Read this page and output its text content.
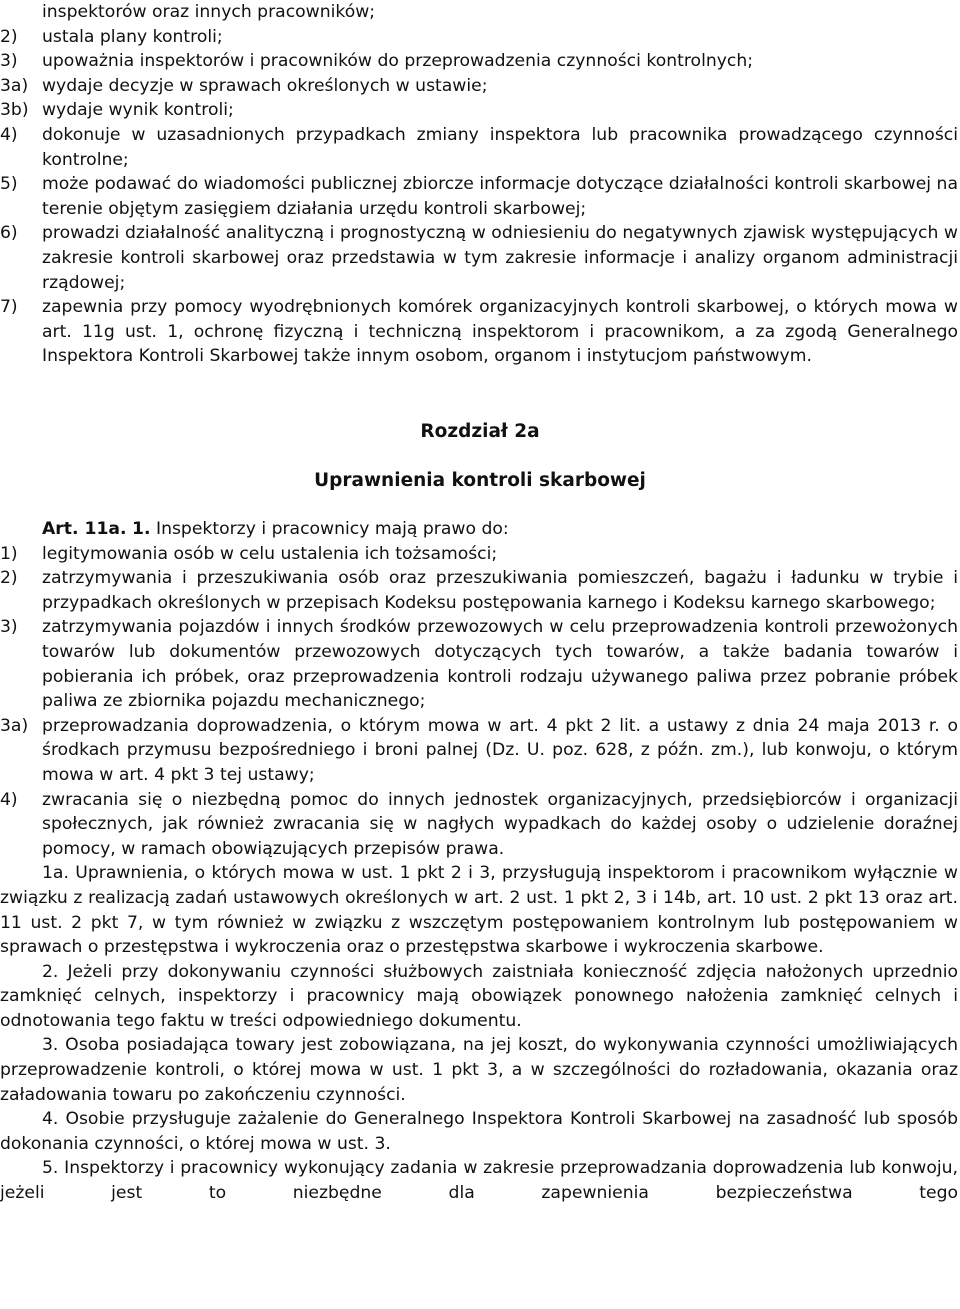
inspektorów oraz innych pracowników;
2)	ustala plany kontroli;
3)	upoważnia inspektorów i pracowników do przeprowadzenia czynności kontrolnych;
3a) wydaje decyzje w sprawach określonych w ustawie;
3b) wydaje wynik kontroli;
4)	dokonuje w uzasadnionych przypadkach zmiany inspektora lub pracownika prowadzącego czynności kontrolne;
5)	może podawać do wiadomości publicznej zbiorcze informacje dotyczące działalności kontroli skarbowej na terenie objętym zasięgiem działania urzędu kontroli skarbowej;
6)	prowadzi działalność analityczną i prognostyczną w odniesieniu do negatywnych zjawisk występujących w zakresie kontroli skarbowej oraz przedstawia w tym zakresie informacje i analizy organom administracji rządowej;
7)	zapewnia przy pomocy wyodrębnionych komórek organizacyjnych kontroli skarbowej, o których mowa w art. 11g ust. 1, ochronę fizyczną i techniczną inspektorom i pracownikom, a za zgodą Generalnego Inspektora Kontroli Skarbowej także innym osobom, organom i instytucjom państwowym.
Rozdział 2a
Uprawnienia kontroli skarbowej
Art. 11a. 1. Inspektorzy i pracownicy mają prawo do:
1)	legitymowania osób w celu ustalenia ich tożsamości;
2)	zatrzymywania i przeszukiwania osób oraz przeszukiwania pomieszczeń, bagażu i ładunku w trybie i przypadkach określonych w przepisach Kodeksu postępowania karnego i Kodeksu karnego skarbowego;
3)	zatrzymywania pojazdów i innych środków przewozowych w celu przeprowadzenia kontroli przewożonych towarów lub dokumentów przewozowych dotyczących tych towarów, a także badania towarów i pobierania ich próbek, oraz przeprowadzenia kontroli rodzaju używanego paliwa przez pobranie próbek paliwa ze zbiornika pojazdu mechanicznego;
3a) przeprowadzania doprowadzenia, o którym mowa w art. 4 pkt 2 lit. a ustawy z dnia 24 maja 2013 r. o środkach przymusu bezpośredniego i broni palnej (Dz. U. poz. 628, z późn. zm.), lub konwoju, o którym mowa w art. 4 pkt 3 tej ustawy;
4)	zwracania się o niezbędną pomoc do innych jednostek organizacyjnych, przedsiębiorców i organizacji społecznych, jak również zwracania się w nagłych wypadkach do każdej osoby o udzielenie doraźnej pomocy, w ramach obowiązujących przepisów prawa.
1a. Uprawnienia, o których mowa w ust. 1 pkt 2 i 3, przysługują inspektorom i pracownikom wyłącznie w związku z realizacją zadań ustawowych określonych w art. 2 ust. 1 pkt 2, 3 i 14b, art. 10 ust. 2 pkt 13 oraz art. 11 ust. 2 pkt 7, w tym również w związku z wszczętym postępowaniem kontrolnym lub postępowaniem w sprawach o przestępstwa i wykroczenia oraz o przestępstwa skarbowe i wykroczenia skarbowe.
2. Jeżeli przy dokonywaniu czynności służbowych zaistniała konieczność zdjęcia nałożonych uprzednio zamknięć celnych, inspektorzy i pracownicy mają obowiązek ponownego nałożenia zamknięć celnych i odnotowania tego faktu w treści odpowiedniego dokumentu.
3. Osoba posiadająca towary jest zobowiązana, na jej koszt, do wykonywania czynności umożliwiających przeprowadzenie kontroli, o której mowa w ust. 1 pkt 3, a w szczególności do rozładowania, okazania oraz załadowania towaru po zakończeniu czynności.
4. Osobie przysługuje zażalenie do Generalnego Inspektora Kontroli Skarbowej na zasadność lub sposób dokonania czynności, o której mowa w ust. 3.
5. Inspektorzy i pracownicy wykonujący zadania w zakresie przeprowadzania doprowadzenia lub konwoju, jeżeli jest to niezbędne dla zapewnienia bezpieczeństwa tego
